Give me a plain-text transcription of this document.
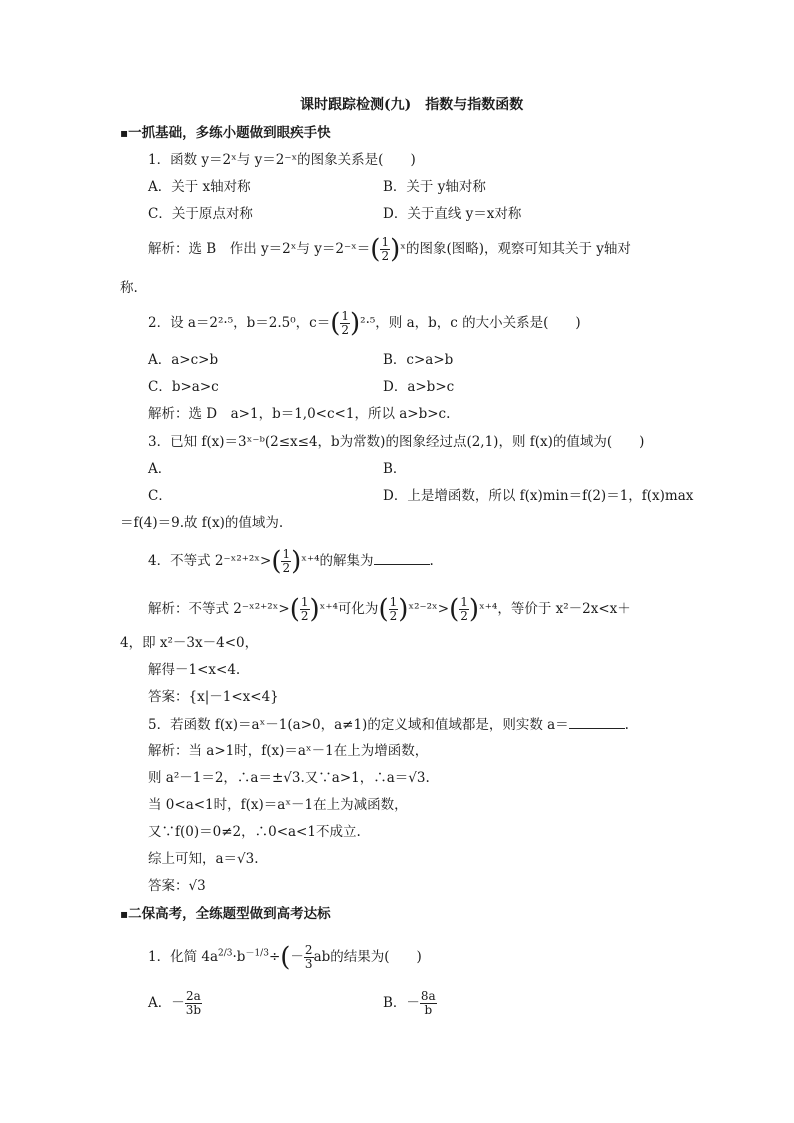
课时跟踪检测(九)　指数与指数函数
▪一抓基础，多练小题做到眼疾手快
1．函数 y＝2ˣ与 y＝2⁻ˣ的图象关系是(　　)
A．关于 x轴对称	B．关于 y轴对称
C．关于原点对称	D．关于直线 y＝x对称
解析：选 B　作出 y＝2ˣ与 y＝2⁻ˣ＝( $\frac{1}{2}$ )ˣ的图象(图略)，观察可知其关于 y轴对
称.
2．设 a＝2²·⁵，b＝2.5⁰，$c=( \frac{1}{2} )^2\cdot^5$，则 a，b，c 的大小关系是(　　)
A．a>c>b	B．c>a>b
C．b>a>c	D．a>b>c
解析：选 D　a>1，b＝1,0<c<1，所以 a>b>c.
3．已知 f(x)＝3ˣ⁻ᵇ(2≤x≤4，b为常数)的图象经过点(2,1)，则 f(x)的值域为(　　)
A．	B．
C．	D．上是增函数，所以 f(x)min＝f(2)＝1，f(x)max
＝f(4)＝9.故 f(x)的值域为.
4．不等式 2⁻ˣ²⁺²ˣ>( $\frac{1}{2}$ )ˣ⁺⁴的解集为	.
解析：不等式 2⁻ˣ²⁺²ˣ>( $\frac{1}{2}$ )ˣ⁺⁴可化为( $\frac{1}{2}$ )ˣ²⁻²ˣ>( $\frac{1}{2}$ )ˣ⁺⁴，等价于 x²－2x<x＋
4，即 x²－3x－4<0，
解得－1<x<4.
答案：{x|－1<x<4}
5．若函数 f(x)＝aˣ－1(a>0，a≠1)的定义域和值域都是，则实数 a＝	.
解析：当 a>1时，f(x)＝aˣ－1在上为增函数，
则 a²－1＝2，∴a＝±√3.又∵a>1，∴a＝√3.
当 0<a<1时，f(x)＝aˣ－1在上为减函数，
又∵f(0)＝0≠2，∴0<a<1不成立.
综上可知，a＝√3.
答案：√3
▪二保高考，全练题型做到高考达标
1．化简 $4a^{2/3}\cdot b^{-1/3}\div(- \frac{2}{3}$ ab的结果为(　　)
A．－ $\frac{2a}{3b}$	B．－ $\frac{8a}{b}$
